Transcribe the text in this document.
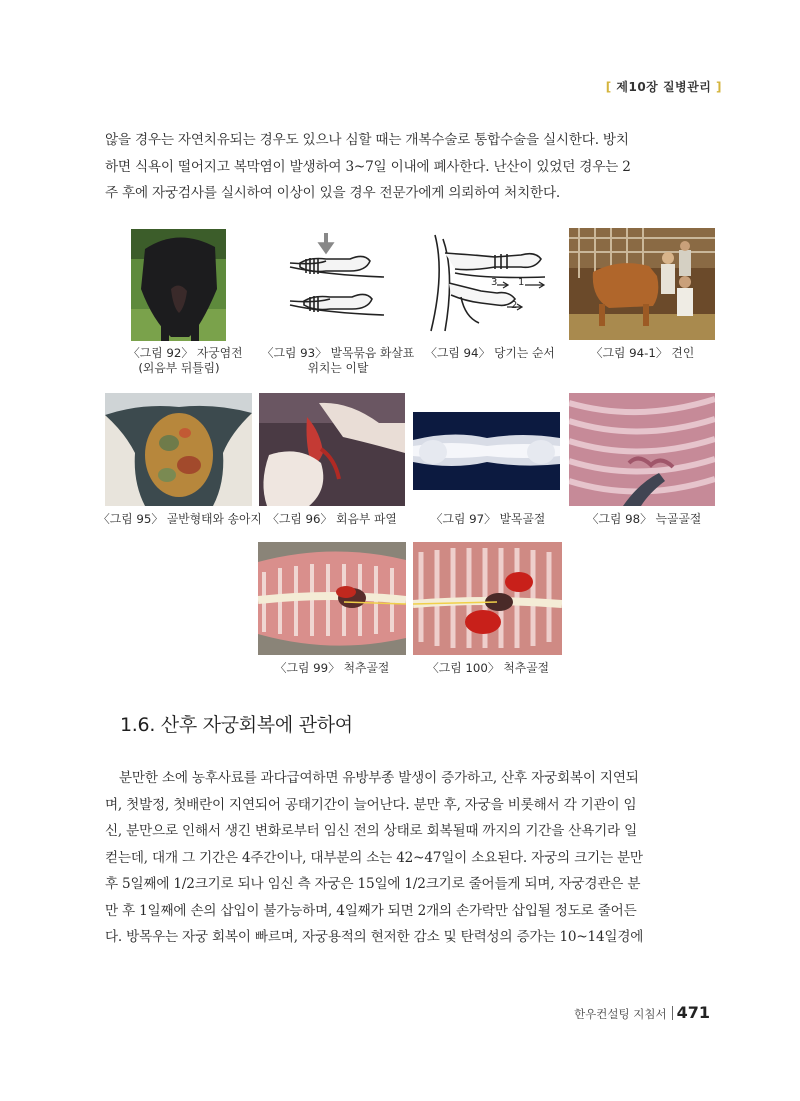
[ 제10장 질병관리 ]

않을 경우는 자연치유되는 경우도 있으나 심할 때는 개복수술로 통합수술을 실시한다. 방치
하면 식욕이 떨어지고 복막염이 발생하여 3~7일 이내에 폐사한다. 난산이 있었던 경우는 2
주 후에 자궁검사를 실시하여 이상이 있을 경우 전문가에게 의뢰하여 처치한다.

3 1
2
〈그림 92〉 자궁염전
(외음부 뒤틀림)
〈그림 93〉 발목묶음 화살표
위치는 이탈
〈그림 94〉 당기는 순서	〈그림 94-1〉 견인
〈그림 95〉 골반형태와 송아지 〈그림 96〉 회음부 파열	〈그림 97〉 발목골절	〈그림 98〉 늑골골절
〈그림 99〉 척추골절	〈그림 100〉 척추골절
1.6. 산후 자궁회복에 관하여

분만한 소에 농후사료를 과다급여하면 유방부종 발생이 증가하고, 산후 자궁회복이 지연되
며, 첫발정, 첫배란이 지연되어 공태기간이 늘어난다. 분만 후, 자궁을 비롯해서 각 기관이 임
신, 분만으로 인해서 생긴 변화로부터 임신 전의 상태로 회복될때 까지의 기간을 산욕기라 일
컫는데, 대개 그 기간은 4주간이나, 대부분의 소는 42~47일이 소요된다. 자궁의 크기는 분만
후 5일째에 1/2크기로 되나 임신 측 자궁은 15일에 1/2크기로 줄어들게 되며, 자궁경관은 분
만 후 1일째에 손의 삽입이 불가능하며, 4일째가 되면 2개의 손가락만 삽입될 정도로 줄어든
다. 방목우는 자궁 회복이 빠르며, 자궁용적의 현저한 감소 및 탄력성의 증가는 10~14일경에

한우컨설팅 지침서 471
